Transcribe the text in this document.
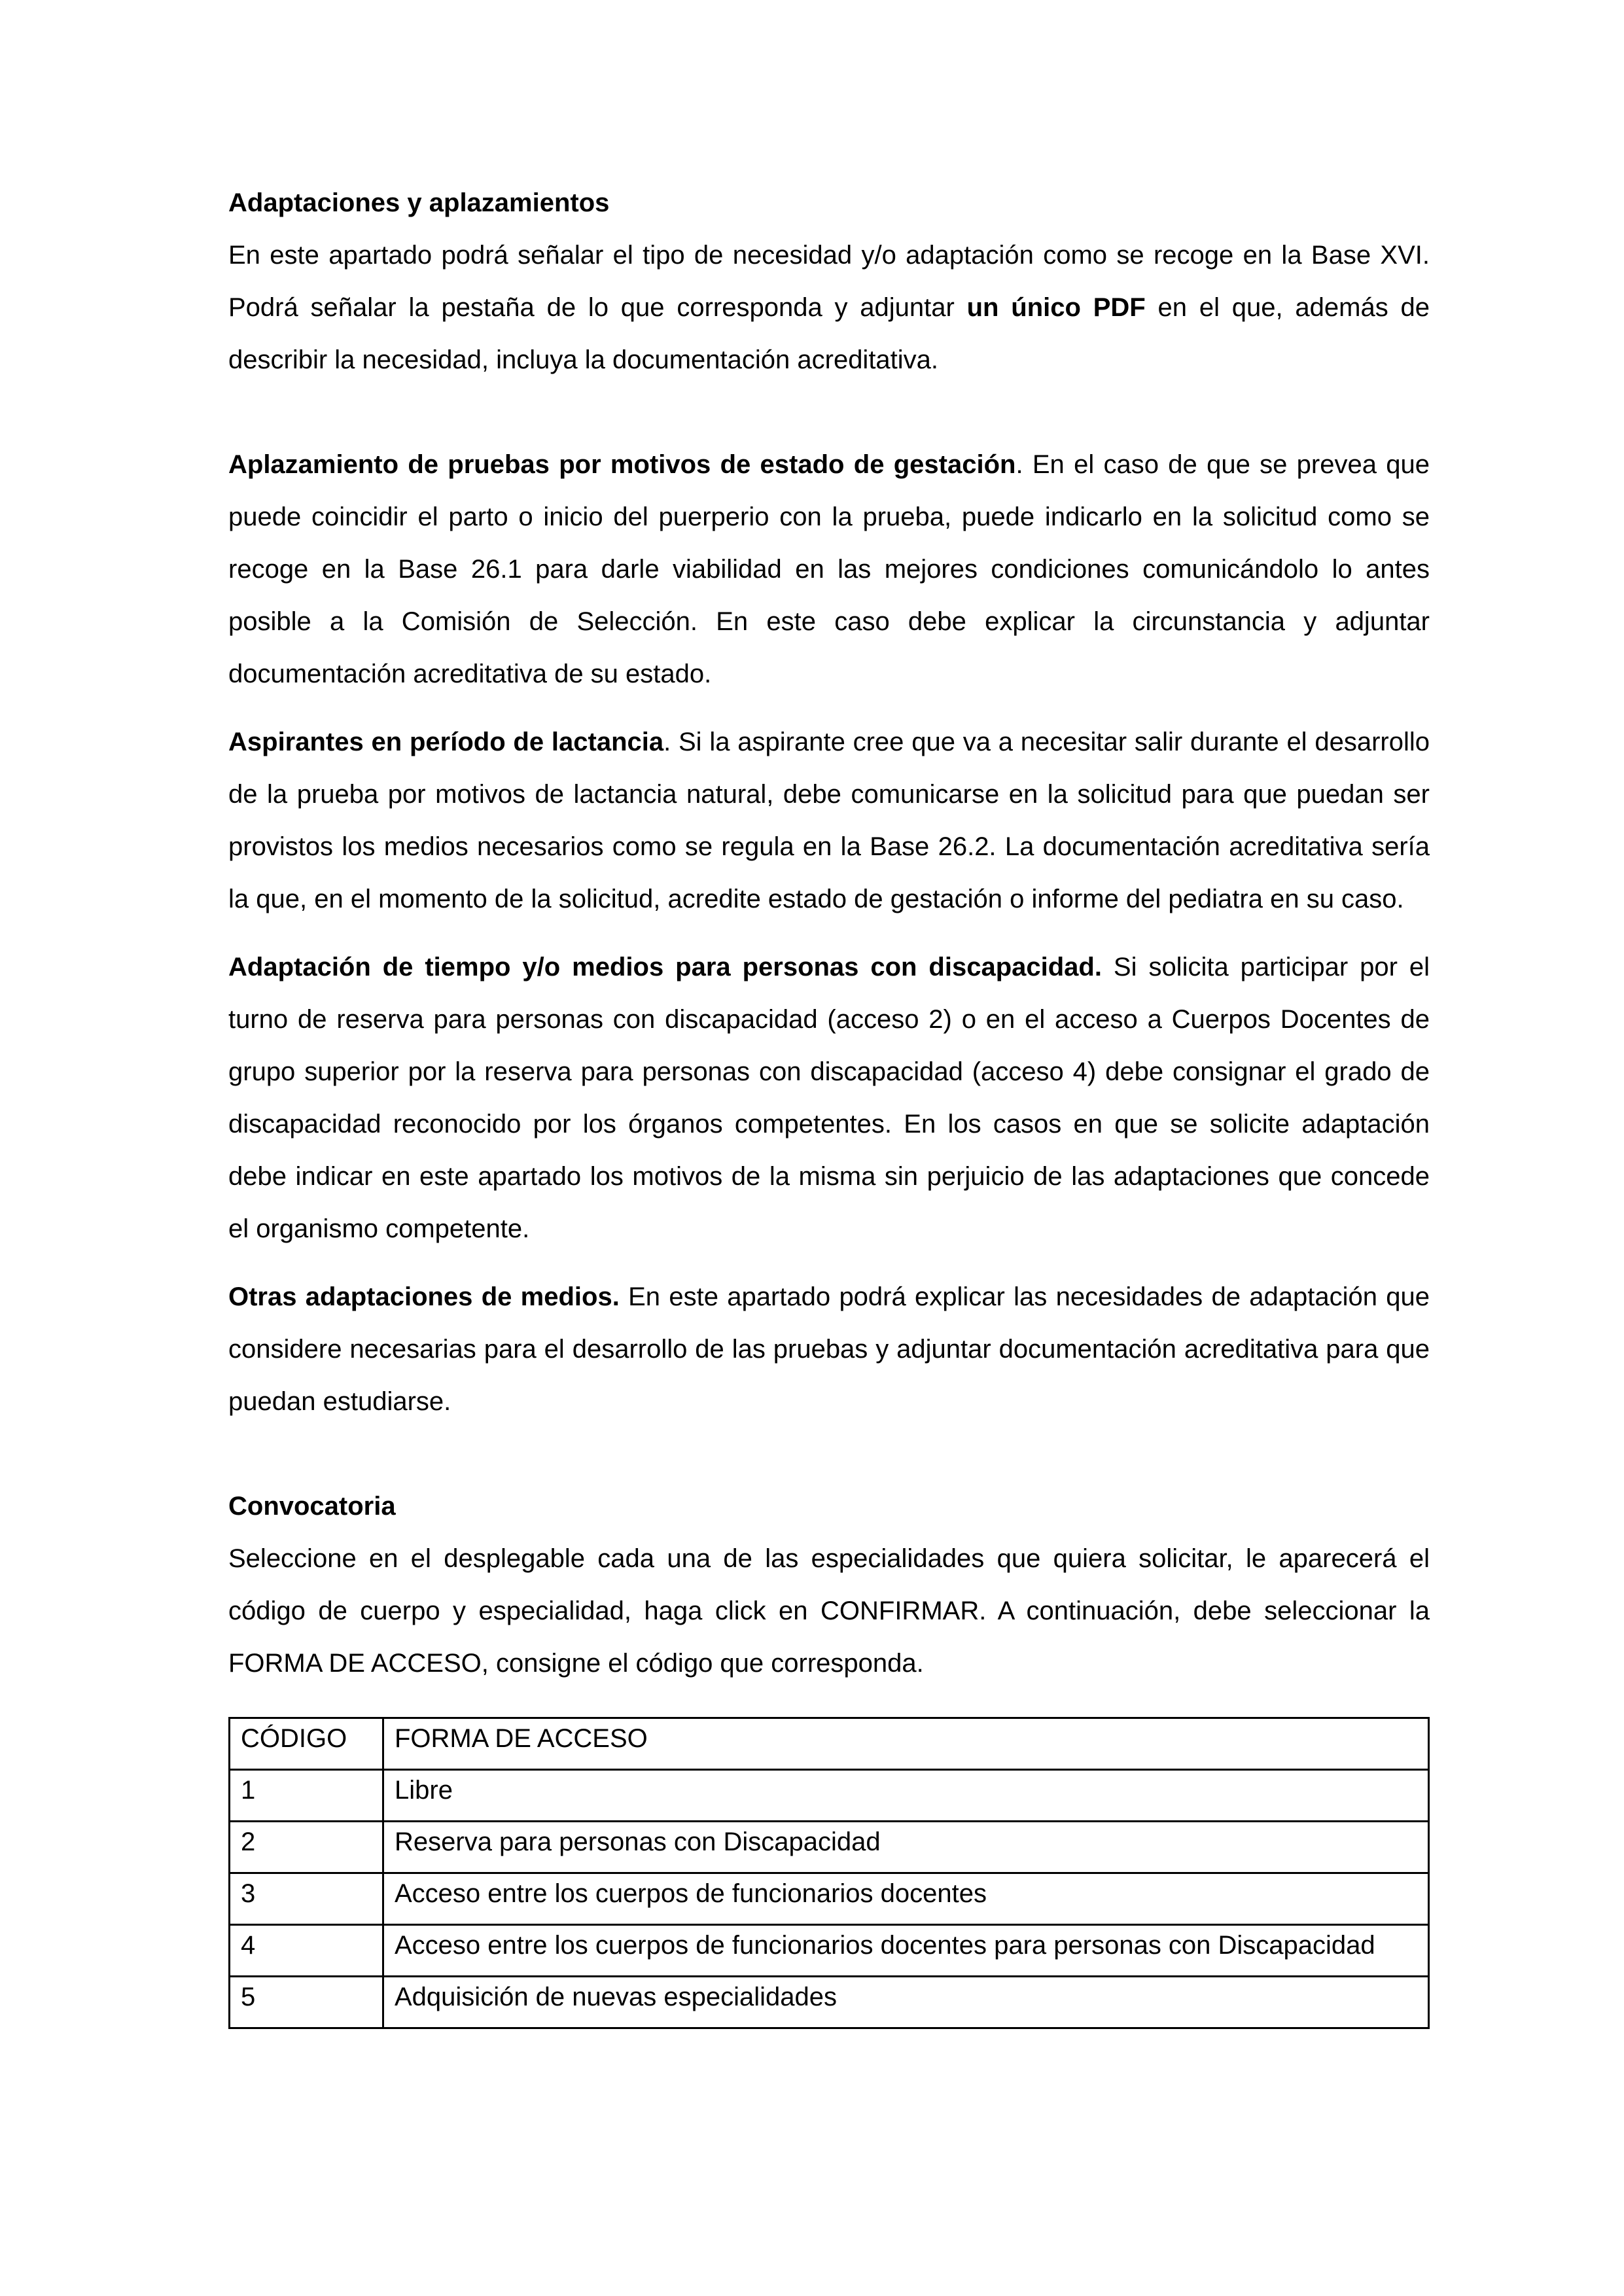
Adaptaciones y aplazamientos

En este apartado podrá señalar el tipo de necesidad y/o adaptación como se recoge en la Base XVI. Podrá señalar la pestaña de lo que corresponda y adjuntar un único PDF en el que, además de describir la necesidad, incluya la documentación acreditativa.

Aplazamiento de pruebas por motivos de estado de gestación. En el caso de que se prevea que puede coincidir el parto o inicio del puerperio con la prueba, puede indicarlo en la solicitud como se recoge en la Base 26.1 para darle viabilidad en las mejores condiciones comunicándolo lo antes posible a la Comisión de Selección. En este caso debe explicar la circunstancia y adjuntar documentación acreditativa de su estado.

Aspirantes en período de lactancia. Si la aspirante cree que va a necesitar salir durante el desarrollo de la prueba por motivos de lactancia natural, debe comunicarse en la solicitud para que puedan ser provistos los medios necesarios como se regula en la Base 26.2. La documentación acreditativa sería la que, en el momento de la solicitud, acredite estado de gestación o informe del pediatra en su caso.

Adaptación de tiempo y/o medios para personas con discapacidad. Si solicita participar por el turno de reserva para personas con discapacidad (acceso 2) o en el acceso a Cuerpos Docentes de grupo superior por la reserva para personas con discapacidad (acceso 4) debe consignar el grado de discapacidad reconocido por los órganos competentes. En los casos en que se solicite adaptación debe indicar en este apartado los motivos de la misma sin perjuicio de las adaptaciones que concede el organismo competente.

Otras adaptaciones de medios. En este apartado podrá explicar las necesidades de adaptación que considere necesarias para el desarrollo de las pruebas y adjuntar documentación acreditativa para que puedan estudiarse.

Convocatoria

Seleccione en el desplegable cada una de las especialidades que quiera solicitar, le aparecerá el código de cuerpo y especialidad, haga click en CONFIRMAR. A continuación, debe seleccionar la FORMA DE ACCESO, consigne el código que corresponda.

CÓDIGO	FORMA DE ACCESO
1	Libre
2	Reserva para personas con Discapacidad
3	Acceso entre los cuerpos de funcionarios docentes
4	Acceso entre los cuerpos de funcionarios docentes para personas con Discapacidad
5	Adquisición de nuevas especialidades
